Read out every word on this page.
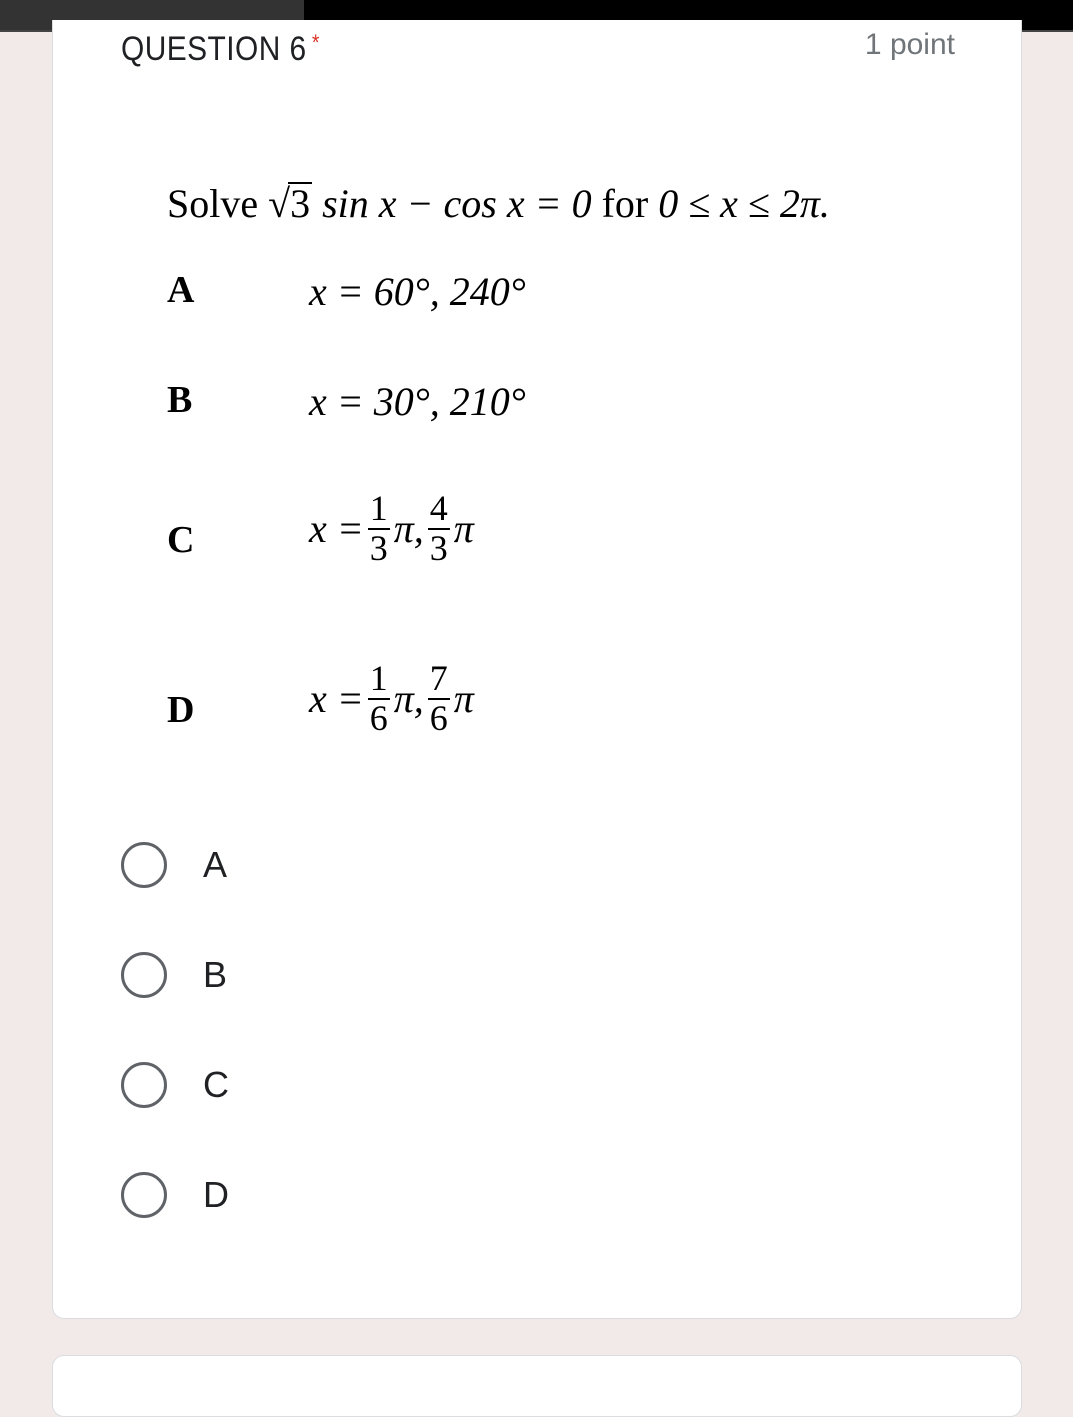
QUESTION 6 *	1 point
Solve √3 sin x − cos x = 0 for 0 ≤ x ≤ 2π.
A	x = 60°, 240°
B	x = 30°, 210°
C	$x = \frac{1}{3} \pi$, $\frac{4}{3}$ π
D	$x = \frac{1}{6} \pi$, $\frac{7}{6}$ π
A
B
C
D
